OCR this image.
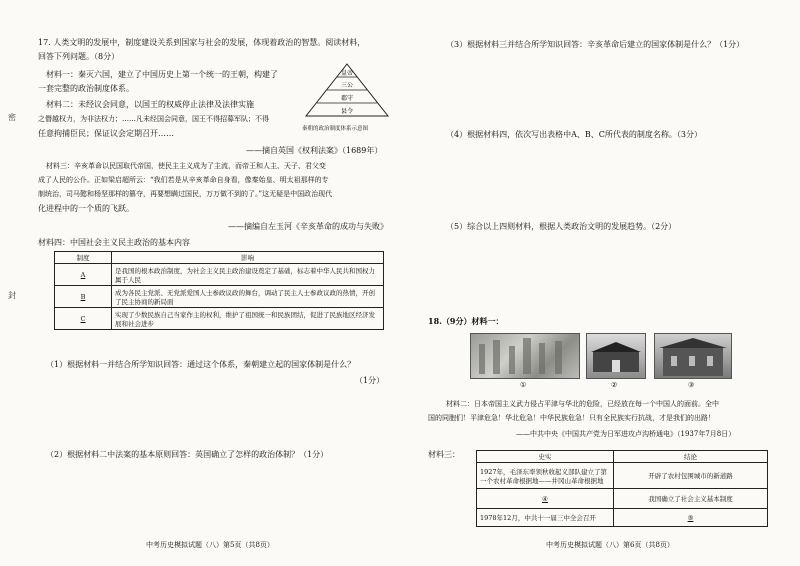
密
封
17. 人类文明的发展中，制度建设关系到国家与社会的发展，体现着政治的智慧。阅读材料，
回答下列问题。（8分）
材料一：秦灭六国，建立了中国历史上第一个统一的王朝，构建了
一套完整的政治制度体系。
材料二：未经议会同意，以国王的权威停止法律及法律实施
之僭越权力，为非法权力；……凡未经国会同意，国王不得招募军队；不得
任意拘捕臣民；保证议会定期召开……
——摘自英国《权利法案》（1689年）
材料三：辛亥革命以民国取代帝国，使民主主义成为了主流，而帝王和人主、天子、君父变
成了人民的公仆。正如梁启超所云：“我们若是从辛亥革命自身看，像秦始皇、明太祖那样的专
制统治，司马懿和杨坚那样的篡夺，再要想瞒过国民，万万做不到的了。”这无疑是中国政治现代
化进程中的一个质的飞跃。
——摘编自左玉河《辛亥革命的成功与失败》
皇帝
三公
郡守
县令
秦朝的政治制度体系示意图
材料四：中国社会主义民主政治的基本内容
制度	影响
A	是我国的根本政治制度，为社会主义民主政治建设奠定了基础，标志着中华人民共和国权力属于人民
B	成为各民主党派、无党派爱国人士参政议政的舞台，调动了民主人士参政议政的热情，开创了民主协商的新局面
C	实现了少数民族自己当家作主的权利，维护了祖国统一和民族团结，促进了民族地区经济发展和社会进步
（1）根据材料一并结合所学知识回答：通过这个体系，秦朝建立起的国家体制是什么？
（1分）
（2）根据材料二中法案的基本原则回答：英国确立了怎样的政治体制？（1分）
中考历史模拟试题（八）第5页（共8页）
（3）根据材料三并结合所学知识回答：辛亥革命后建立的国家体制是什么？（1分）
（4）根据材料四，依次写出表格中A、B、C所代表的制度名称。（3分）
（5）综合以上四则材料，根据人类政治文明的发展趋势。（2分）
18.（9分）材料一：
①	②	③
材料二：日本帝国主义武力侵占平津与华北的危险，已经放在每一个中国人的面前。全中
国的同胞们！平津危急！华北危急！中华民族危急！只有全民族实行抗战，才是我们的出路！
——中共中央《中国共产党为日军进攻卢沟桥通电》（1937年7月8日）
材料三：	史实	结论
1927年，毛泽东率领秋收起义部队建立了第一个农村革命根据地——井冈山革命根据地	开辟了农村包围城市的新道路
④	我国确立了社会主义基本制度
1978年12月，中共十一届三中全会召开	⑤
中考历史模拟试题（八）第6页（共8页）
